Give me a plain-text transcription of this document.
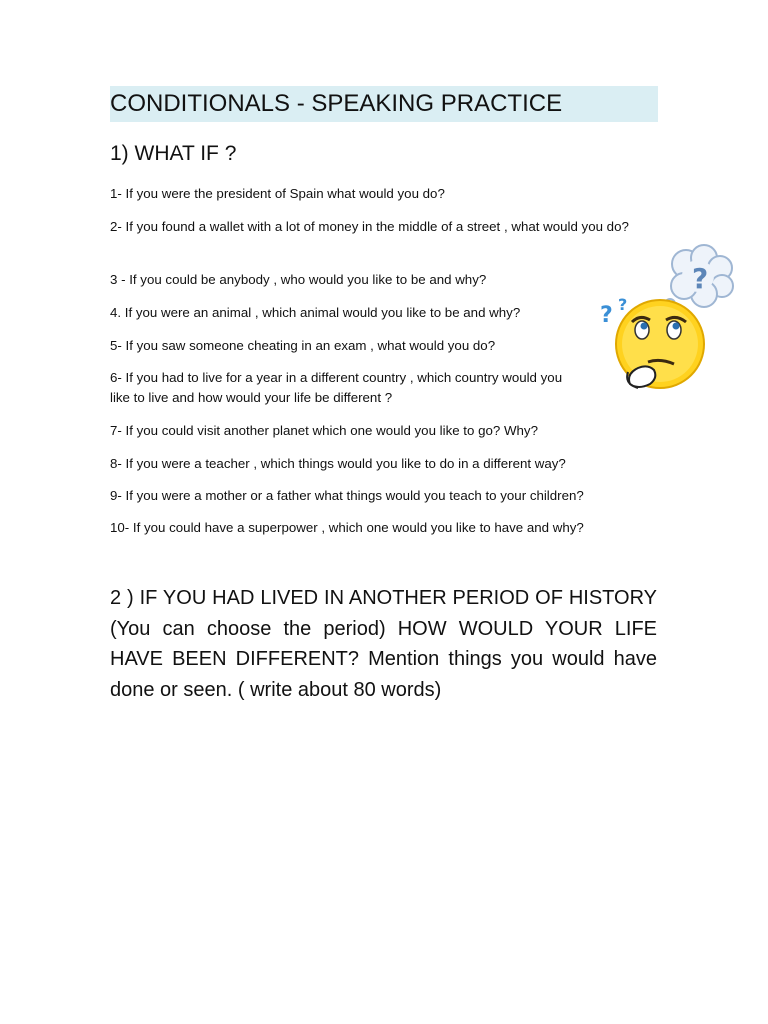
CONDITIONALS - SPEAKING PRACTICE
1) WHAT IF ?
1- If you were the president of Spain what would you do?
2- If you found a wallet with a lot of money in the middle of a street , what would you do?
3 - If you could be anybody , who would you like to be and why?
4. If you were an animal , which animal would you like to be and why?
5- If you saw someone cheating in an exam , what would you do?
6- If you had to live for a year in a different country , which country would you like to live and how would your life be different ?
7- If you could visit another planet which one would you like to go? Why?
8- If you were a teacher , which things would you like to do in a different way?
9- If you were a mother or a father what things would you teach to your children?
10- If you could have a superpower , which one would you like to have and why?
2 ) IF YOU HAD LIVED IN ANOTHER PERIOD OF HISTORY (You can choose the period) HOW WOULD YOUR LIFE HAVE BEEN DIFFERENT? Mention things you would have done or seen. ( write about 80 words)
?
? ?
